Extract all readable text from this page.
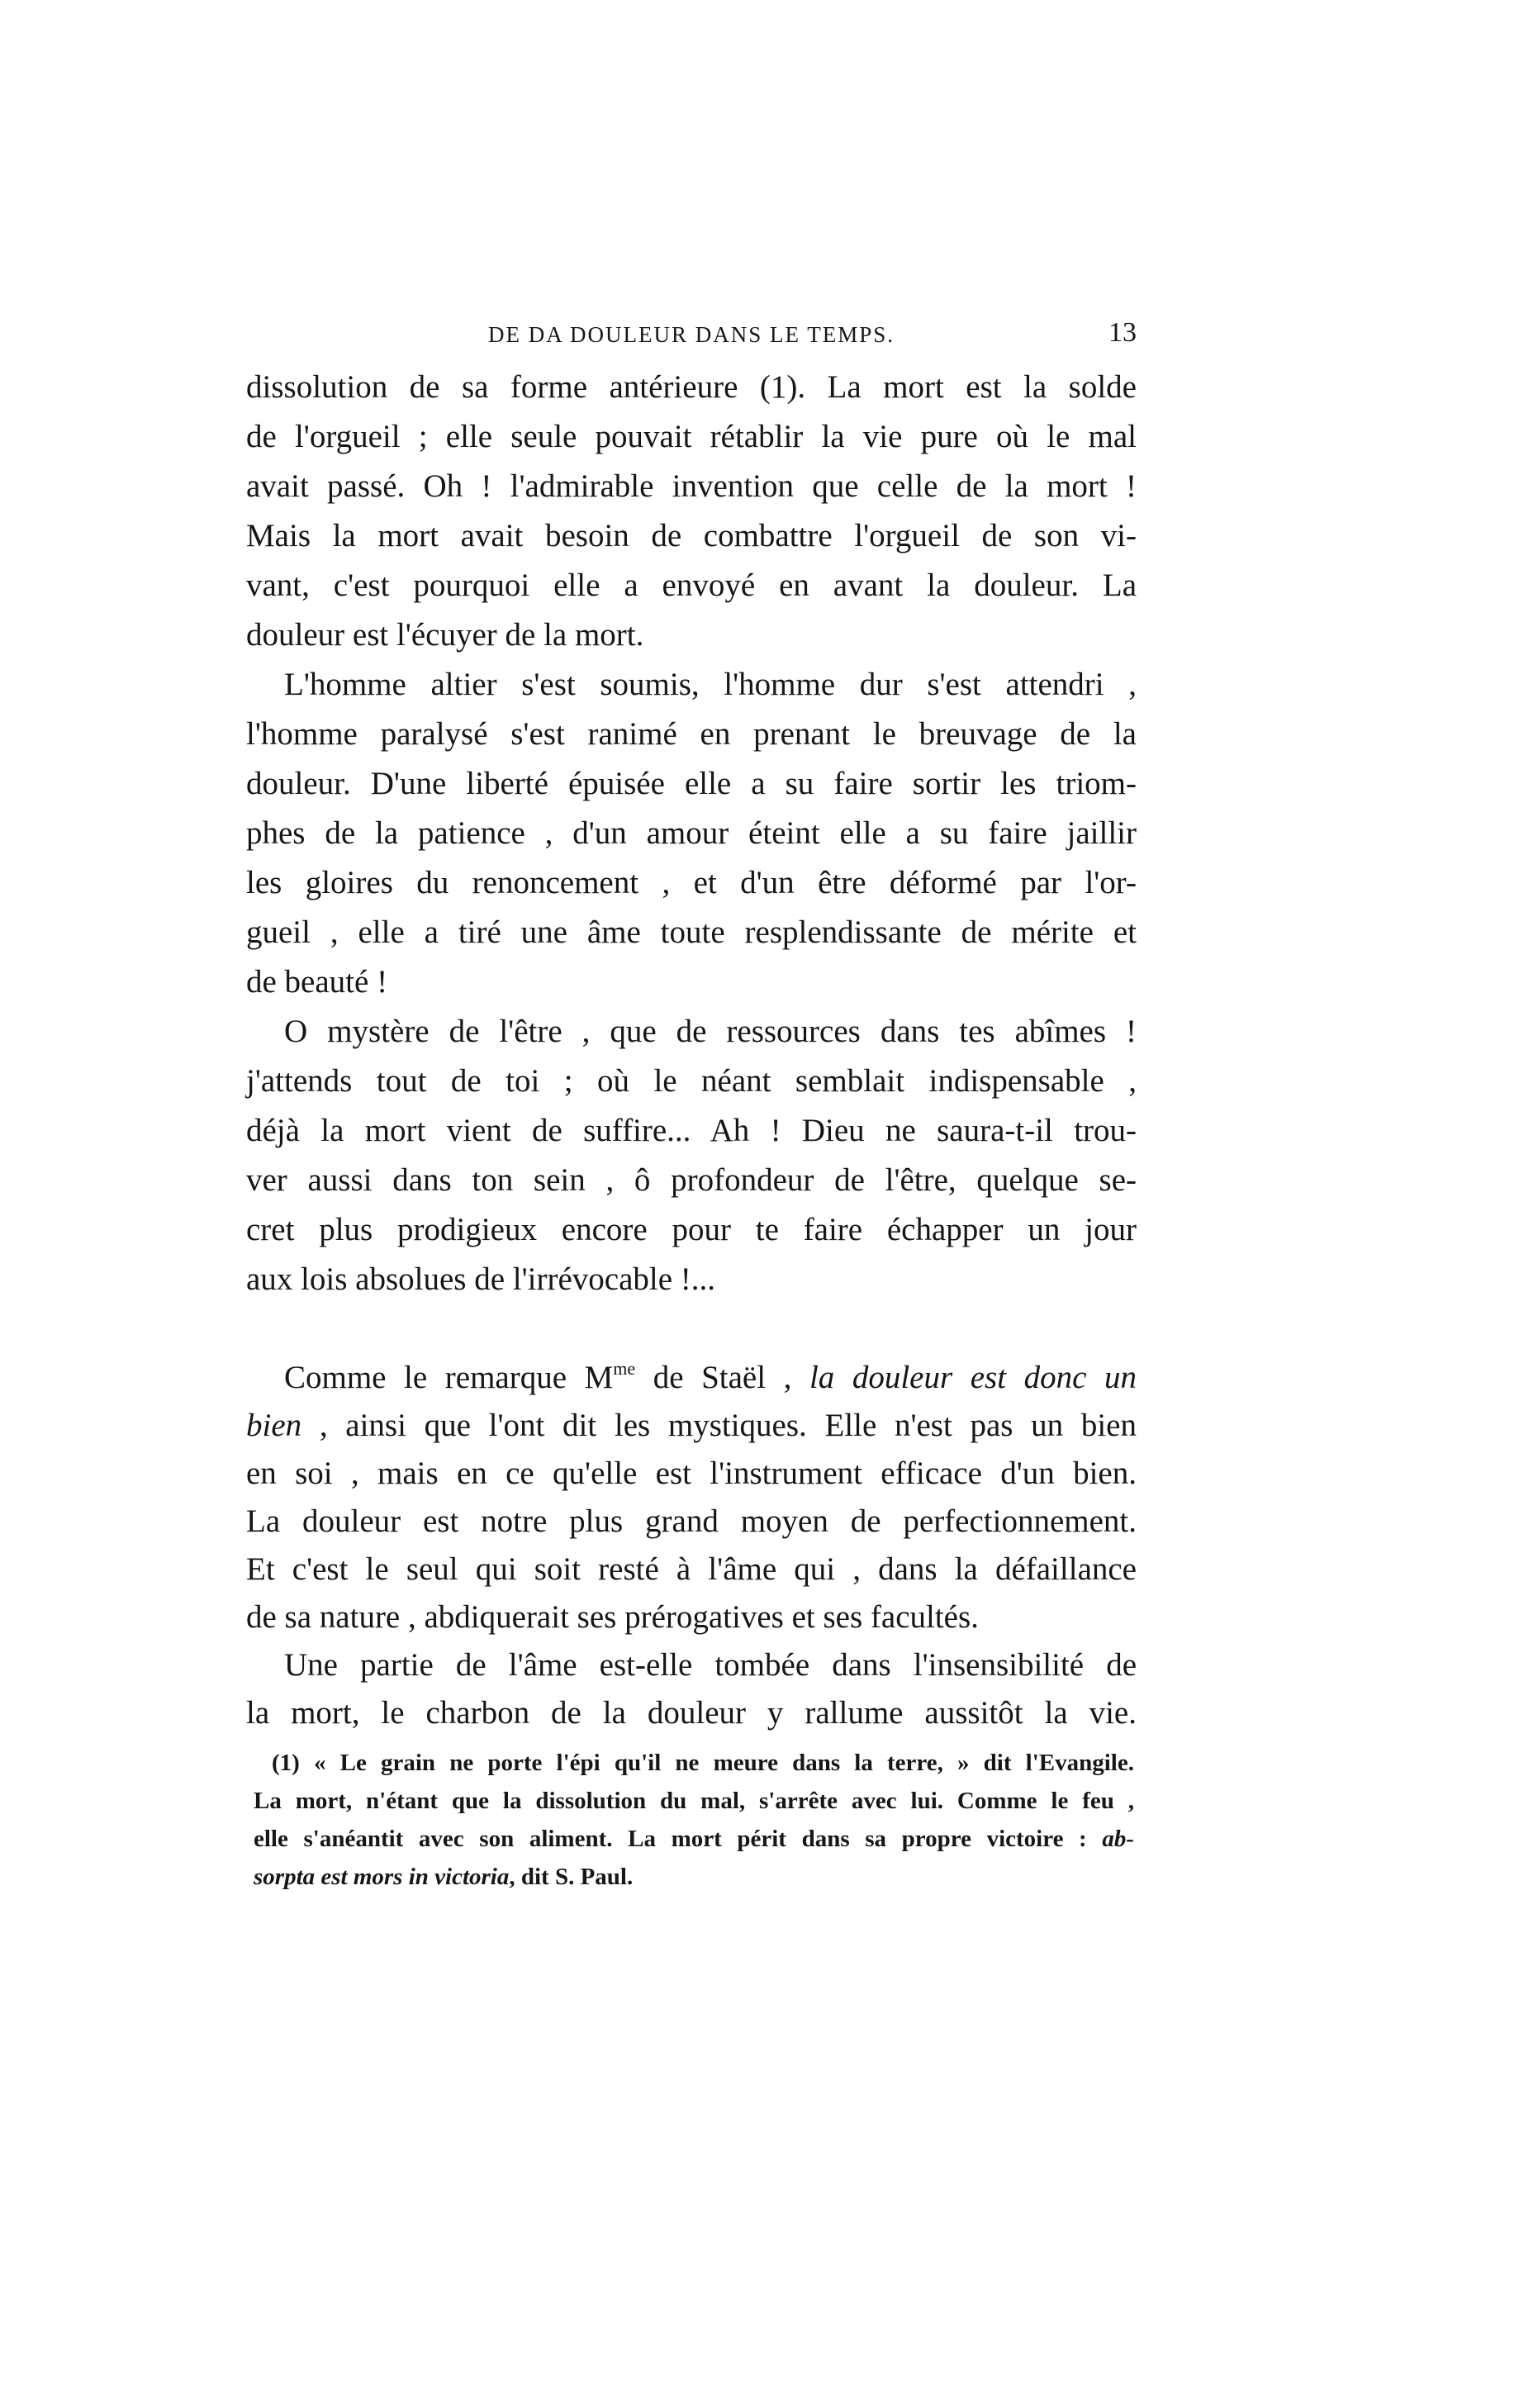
DE DA DOULEUR DANS LE TEMPS.	13
dissolution de sa forme antérieure (1). La mort est la solde
de l'orgueil ; elle seule pouvait rétablir la vie pure où le mal
avait passé. Oh ! l'admirable invention que celle de la mort !
Mais la mort avait besoin de combattre l'orgueil de son vi-
vant, c'est pourquoi elle a envoyé en avant la douleur. La
douleur est l'écuyer de la mort.
L'homme altier s'est soumis, l'homme dur s'est attendri ,
l'homme paralysé s'est ranimé en prenant le breuvage de la
douleur. D'une liberté épuisée elle a su faire sortir les triom-
phes de la patience , d'un amour éteint elle a su faire jaillir
les gloires du renoncement , et d'un être déformé par l'or-
gueil , elle a tiré une âme toute resplendissante de mérite et
de beauté !
O mystère de l'être , que de ressources dans tes abîmes !
j'attends tout de toi ; où le néant semblait indispensable ,
déjà la mort vient de suffire... Ah ! Dieu ne saura-t-il trou-
ver aussi dans ton sein , ô profondeur de l'être, quelque se-
cret plus prodigieux encore pour te faire échapper un jour
aux lois absolues de l'irrévocable !...
Comme le remarque $M^{me}$ de Staël , la douleur est donc un
bien , ainsi que l'ont dit les mystiques. Elle n'est pas un bien
en soi , mais en ce qu'elle est l'instrument efficace d'un bien.
La douleur est notre plus grand moyen de perfectionnement.
Et c'est le seul qui soit resté à l'âme qui , dans la défaillance
de sa nature , abdiquerait ses prérogatives et ses facultés.
Une partie de l'âme est-elle tombée dans l'insensibilité de
la mort, le charbon de la douleur y rallume aussitôt la vie.
(1) « Le grain ne porte l'épi qu'il ne meure dans la terre, » dit l'Evangile.
La mort, n'étant que la dissolution du mal, s'arrête avec lui. Comme le feu ,
elle s'anéantit avec son aliment. La mort périt dans sa propre victoire : ab-
sorpta est mors in victoria, dit S. Paul.
